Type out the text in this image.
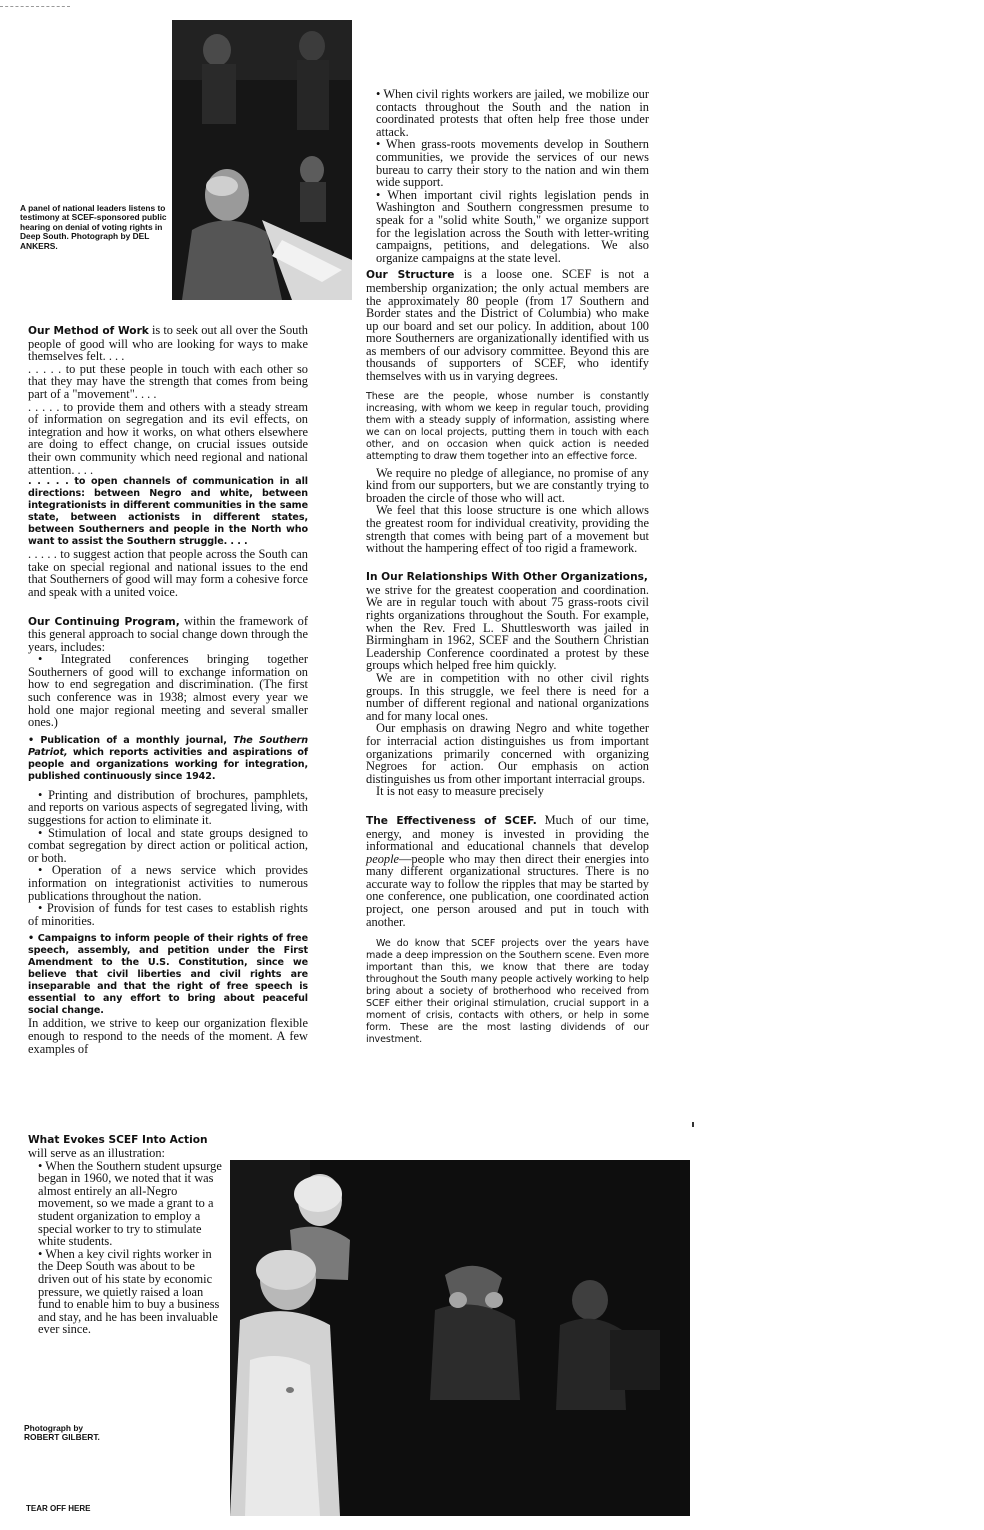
A panel of national leaders listens to testimony at SCEF-sponsored public hearing on denial of voting rights in Deep South. Photograph by DEL ANKERS.

Our Method of Work is to seek out all over the South people of good will who are looking for ways to make themselves felt. . . .

. . . . . to put these people in touch with each other so that they may have the strength that comes from being part of a "movement". . . .

. . . . . to provide them and others with a steady stream of information on segregation and its evil effects, on integration and how it works, on what others elsewhere are doing to effect change, on crucial issues outside their own community which need regional and national attention. . . .

. . . . . to open channels of communication in all directions: between Negro and white, between integrationists in different communities in the same state, between actionists in different states, between Southerners and people in the North who want to assist the Southern struggle. . . .

. . . . . to suggest action that people across the South can take on special regional and national issues to the end that Southerners of good will may form a cohesive force and speak with a united voice.

Our Continuing Program, within the framework of this general approach to social change down through the years, includes:

• Integrated conferences bringing together Southerners of good will to exchange information on how to end segregation and discrimination. (The first such conference was in 1938; almost every year we hold one major regional meeting and several smaller ones.)

• Publication of a monthly journal, The Southern Patriot, which reports activities and aspirations of people and organizations working for integration, published continuously since 1942.

• Printing and distribution of brochures, pamphlets, and reports on various aspects of segregated living, with suggestions for action to eliminate it.

• Stimulation of local and state groups designed to combat segregation by direct action or political action, or both.

• Operation of a news service which provides information on integrationist activities to numerous publications throughout the nation.

• Provision of funds for test cases to establish rights of minorities.

• Campaigns to inform people of their rights of free speech, assembly, and petition under the First Amendment to the U.S. Constitution, since we believe that civil liberties and civil rights are inseparable and that the right of free speech is essential to any effort to bring about peaceful social change.

In addition, we strive to keep our organization flexible enough to respond to the needs of the moment. A few examples of

What Evokes SCEF Into Action

will serve as an illustration:

• When the Southern student upsurge began in 1960, we noted that it was almost entirely an all-Negro movement, so we made a grant to a student organization to employ a special worker to try to stimulate white students.

• When a key civil rights worker in the Deep South was about to be driven out of his state by economic pressure, we quietly raised a loan fund to enable him to buy a business and stay, and he has been invaluable ever since.

• When civil rights workers are jailed, we mobilize our contacts throughout the South and the nation in coordinated protests that often help free those under attack.

• When grass-roots movements develop in Southern communities, we provide the services of our news bureau to carry their story to the nation and win them wide support.

• When important civil rights legislation pends in Washington and Southern congressmen presume to speak for a "solid white South," we organize support for the legislation across the South with letter-writing campaigns, petitions, and delegations. We also organize campaigns at the state level.

Our Structure is a loose one. SCEF is not a membership organization; the only actual members are the approximately 80 people (from 17 Southern and Border states and the District of Columbia) who make up our board and set our policy. In addition, about 100 more Southerners are organizationally identified with us as members of our advisory committee. Beyond this are thousands of supporters of SCEF, who identify themselves with us in varying degrees.

These are the people, whose number is constantly increasing, with whom we keep in regular touch, providing them with a steady supply of information, assisting where we can on local projects, putting them in touch with each other, and on occasion when quick action is needed attempting to draw them together into an effective force.

We require no pledge of allegiance, no promise of any kind from our supporters, but we are constantly trying to broaden the circle of those who will act.

We feel that this loose structure is one which allows the greatest room for individual creativity, providing the strength that comes with being part of a movement but without the hampering effect of too rigid a framework.

In Our Relationships With Other Organizations,

we strive for the greatest cooperation and coordination. We are in regular touch with about 75 grass-roots civil rights organizations throughout the South. For example, when the Rev. Fred L. Shuttlesworth was jailed in Birmingham in 1962, SCEF and the Southern Christian Leadership Conference coordinated a protest by these groups which helped free him quickly.

We are in competition with no other civil rights groups. In this struggle, we feel there is need for a number of different regional and national organizations and for many local ones.

Our emphasis on drawing Negro and white together for interracial action distinguishes us from important organizations primarily concerned with organizing Negroes for action. Our emphasis on action distinguishes us from other important interracial groups.

It is not easy to measure precisely

The Effectiveness of SCEF. Much of our time, energy, and money is invested in providing the informational and educational channels that develop people—people who may then direct their energies into many different organizational structures. There is no accurate way to follow the ripples that may be started by one conference, one publication, one coordinated action project, one person aroused and put in touch with another.

We do know that SCEF projects over the years have made a deep impression on the Southern scene. Even more important than this, we know that there are today throughout the South many people actively working to help bring about a society of brotherhood who received from SCEF either their original stimulation, crucial support in a moment of crisis, contacts with others, or help in some form. These are the most lasting dividends of our investment.

Photograph by ROBERT GILBERT.
TEAR OFF HERE
